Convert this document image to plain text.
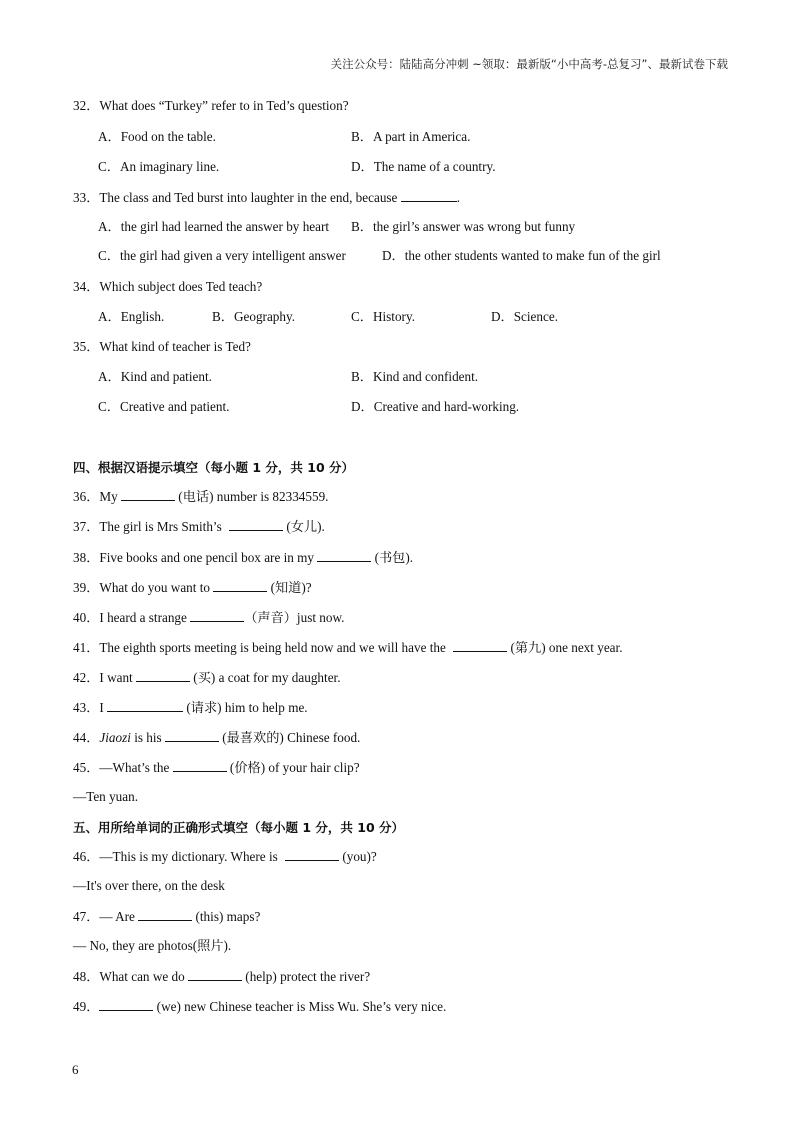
关注公众号：陆陆高分冲刺 ~领取：最新版“小中高考-总复习”、最新试卷下载
32．What does “Turkey” refer to in Ted’s question?
A．Food on the table.	B．A part in America.
C．An imaginary line.	D．The name of a country.
33．The class and Ted burst into laughter in the end, because	.
A．the girl had learned the answer by heart B．the girl’s answer was wrong but funny
C．the girl had given a very intelligent answer	D．the other students wanted to make fun of the girl
34．Which subject does Ted teach?
A．English.	B．Geography.	C．History.	D．Science.
35．What kind of teacher is Ted?
A．Kind and patient.	B．Kind and confident.
C．Creative and patient.	D．Creative and hard-working.
四、根据汉语提示填空（每小题 1 分，共 10 分）
36．My	(电话) number is 82334559.
37．The girl is Mrs Smith’s	(女儿).
38．Five books and one pencil box are in my	(书包).
39．What do you want to	(知道)?
40．I heard a strange	（声音）just now.
41．The eighth sports meeting is being held now and we will have the	(第九) one next year.
42．I want	(买) a coat for my daughter.
43．I	(请求) him to help me.
44．Jiaozi is his	(最喜欢的) Chinese food.
45．—What’s the	(价格) of your hair clip?
—Ten yuan.
五、用所给单词的正确形式填空（每小题 1 分，共 10 分）
46．—This is my dictionary. Where is	(you)?
—It's over there, on the desk
47．— Are	(this) maps?
— No, they are photos(照片).
48．What can we do	(help) protect the river?
49．	(we) new Chinese teacher is Miss Wu. She’s very nice.
6
